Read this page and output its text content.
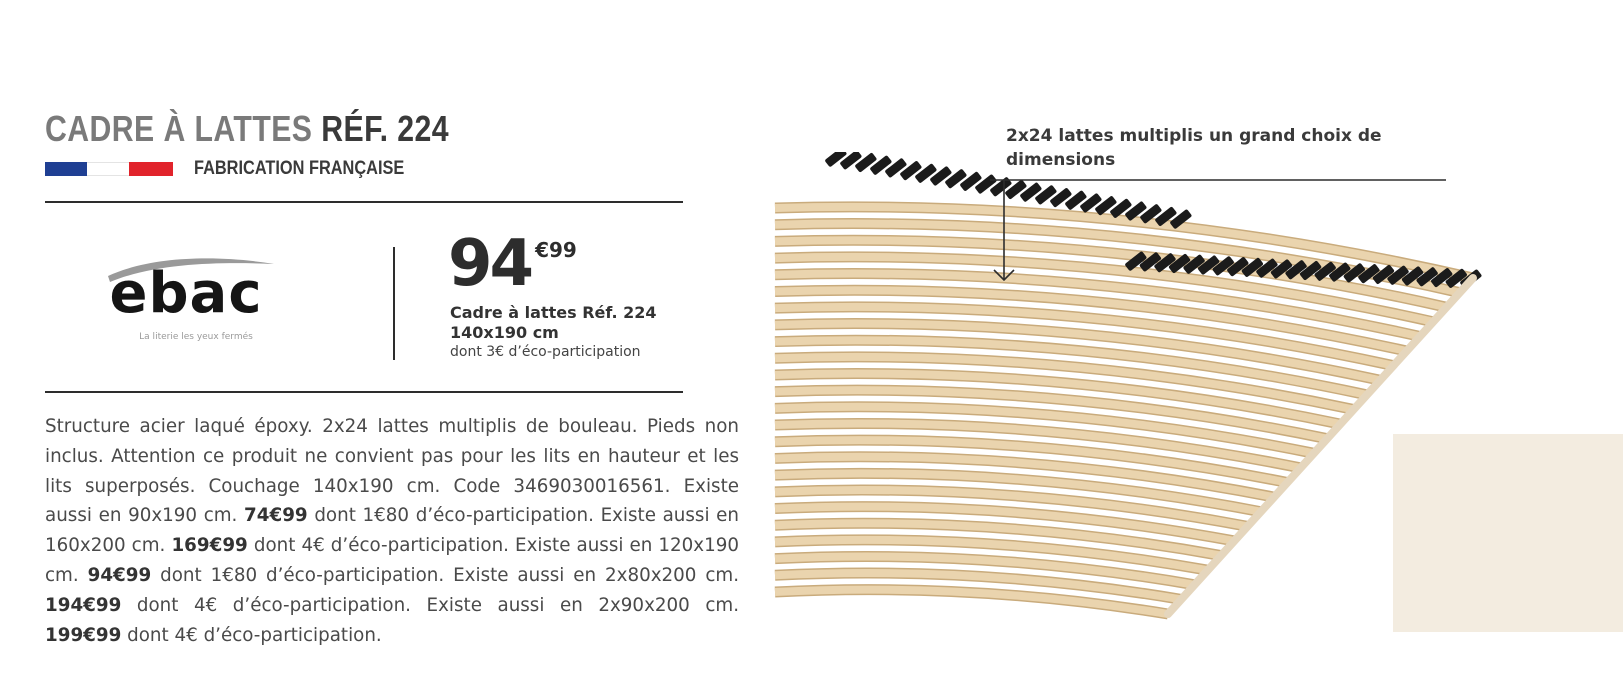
CADRE À LATTES RÉF. 224
FABRICATION FRANÇAISE
ebac
La literie les yeux fermés
94 €99
Cadre à lattes Réf. 224
140x190 cm
dont 3€ d’éco-participation

Structure acier laqué époxy. 2x24 lattes multiplis de bouleau. Pieds non inclus. Attention ce produit ne convient pas pour les lits en hauteur et les lits superposés. Couchage 140x190 cm. Code 3469030016561. Existe aussi en 90x190 cm. 74€99 dont 1€80 d’éco-participation. Existe aussi en 160x200 cm. 169€99 dont 4€ d’éco-participation. Existe aussi en 120x190 cm. 94€99 dont 1€80 d’éco-participation. Existe aussi en 2x80x200 cm. 194€99 dont 4€ d’éco-participation. Existe aussi en 2x90x200 cm. 199€99 dont 4€ d’éco-participation.

2x24 lattes multiplis un grand choix de dimensions
